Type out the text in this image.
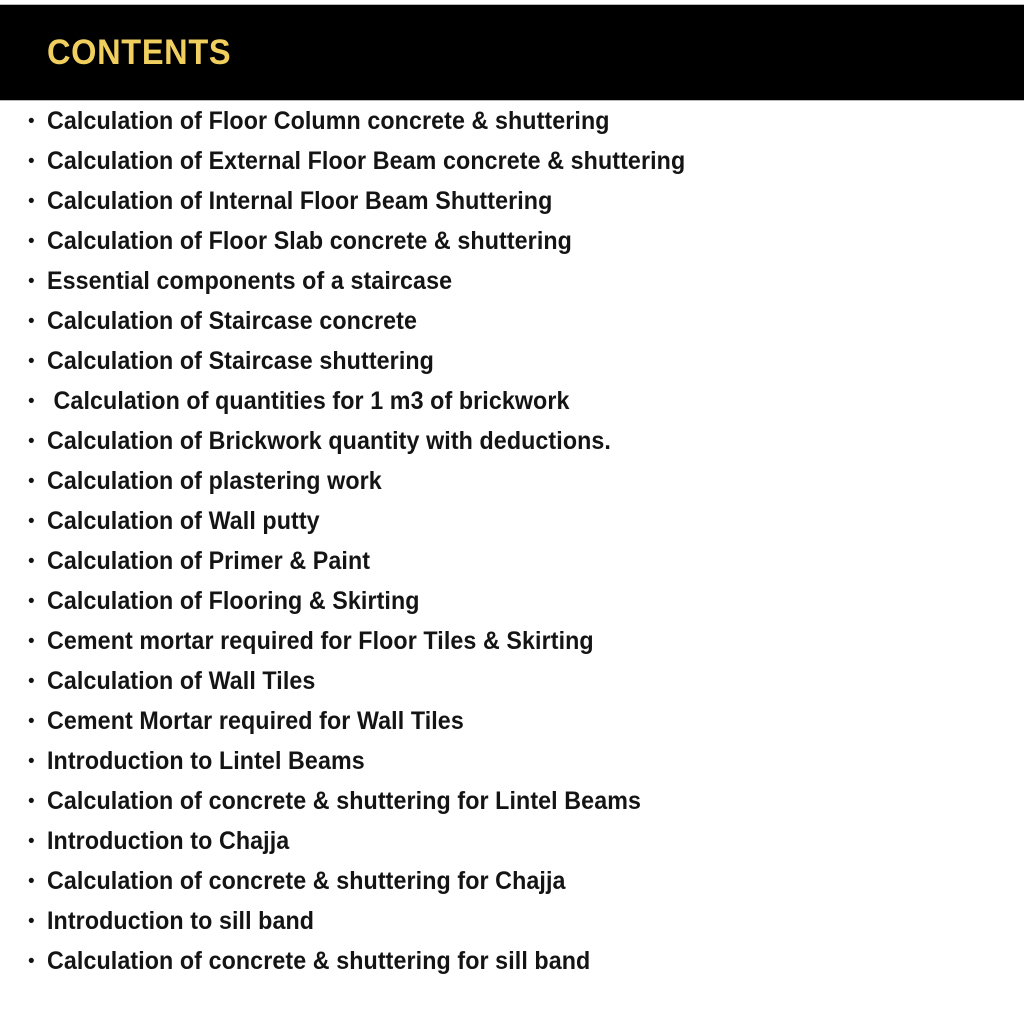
CONTENTS
• Calculation of Floor Column concrete & shuttering
• Calculation of External Floor Beam concrete & shuttering
• Calculation of Internal Floor Beam Shuttering
• Calculation of Floor Slab concrete & shuttering
• Essential components of a staircase
• Calculation of Staircase concrete
• Calculation of Staircase shuttering
• Calculation of quantities for 1 m3 of brickwork
• Calculation of Brickwork quantity with deductions.
• Calculation of plastering work
• Calculation of Wall putty
• Calculation of Primer & Paint
• Calculation of Flooring & Skirting
• Cement mortar required for Floor Tiles & Skirting
• Calculation of Wall Tiles
• Cement Mortar required for Wall Tiles
• Introduction to Lintel Beams
• Calculation of concrete & shuttering for Lintel Beams
• Introduction to Chajja
• Calculation of concrete & shuttering for Chajja
• Introduction to sill band
• Calculation of concrete & shuttering for sill band
